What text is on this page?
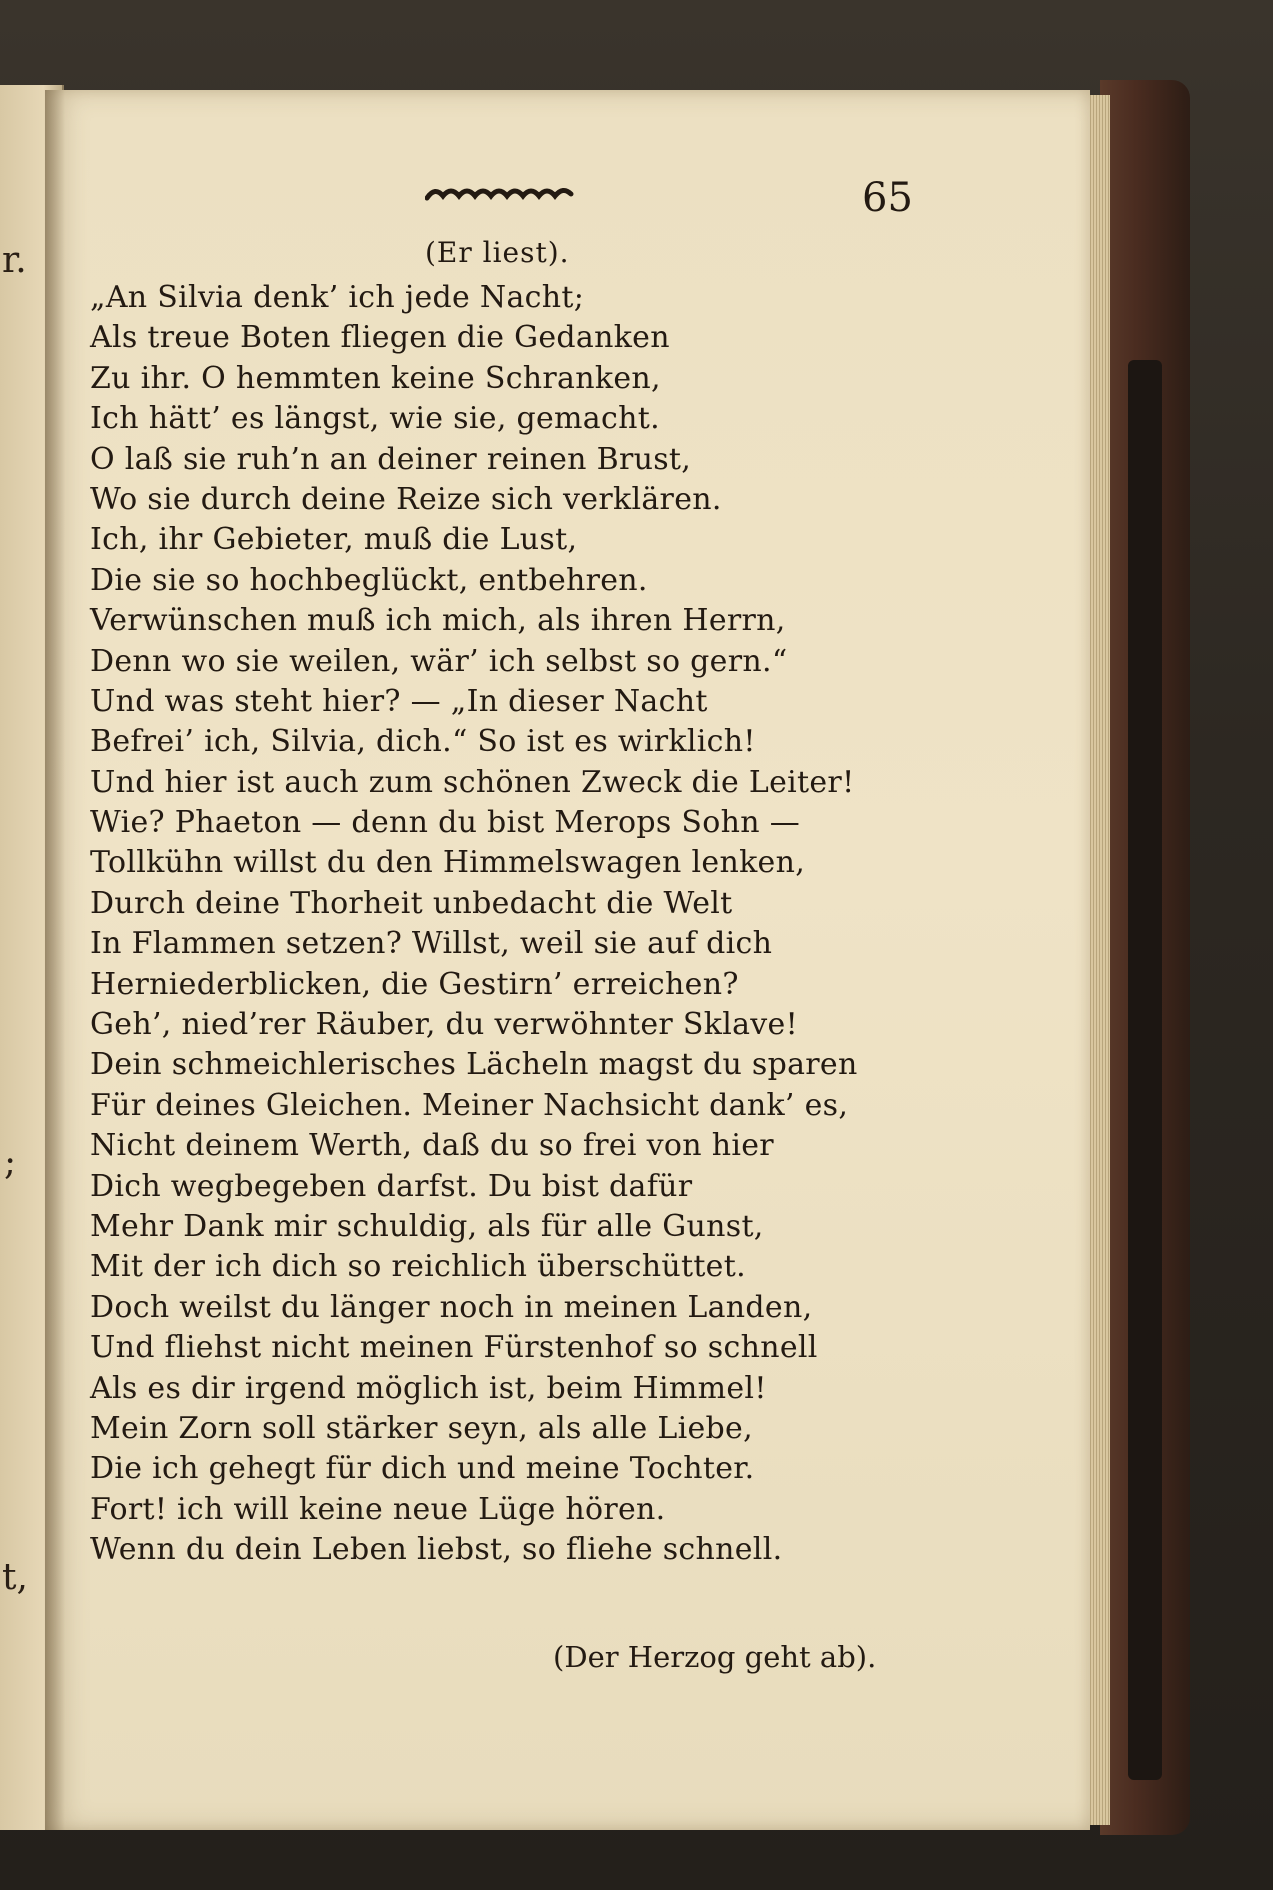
r.
;
t,
65
(Er liest).
„An Silvia denk’ ich jede Nacht;
Als treue Boten fliegen die Gedanken
Zu ihr. O hemmten keine Schranken,
Ich hätt’ es längst, wie sie, gemacht.
O laß sie ruh’n an deiner reinen Brust,
Wo sie durch deine Reize sich verklären.
Ich, ihr Gebieter, muß die Lust,
Die sie so hochbeglückt, entbehren.
Verwünschen muß ich mich, als ihren Herrn,
Denn wo sie weilen, wär’ ich selbst so gern.“
Und was steht hier? — „In dieser Nacht
Befrei’ ich, Silvia, dich.“ So ist es wirklich!
Und hier ist auch zum schönen Zweck die Leiter!
Wie? Phaeton — denn du bist Merops Sohn —
Tollkühn willst du den Himmelswagen lenken,
Durch deine Thorheit unbedacht die Welt
In Flammen setzen? Willst, weil sie auf dich
Herniederblicken, die Gestirn’ erreichen?
Geh’, nied’rer Räuber, du verwöhnter Sklave!
Dein schmeichlerisches Lächeln magst du sparen
Für deines Gleichen. Meiner Nachsicht dank’ es,
Nicht deinem Werth, daß du so frei von hier
Dich wegbegeben darfst. Du bist dafür
Mehr Dank mir schuldig, als für alle Gunst,
Mit der ich dich so reichlich überschüttet.
Doch weilst du länger noch in meinen Landen,
Und fliehst nicht meinen Fürstenhof so schnell
Als es dir irgend möglich ist, beim Himmel!
Mein Zorn soll stärker seyn, als alle Liebe,
Die ich gehegt für dich und meine Tochter.
Fort! ich will keine neue Lüge hören.
Wenn du dein Leben liebst, so fliehe schnell.
(Der Herzog geht ab).
